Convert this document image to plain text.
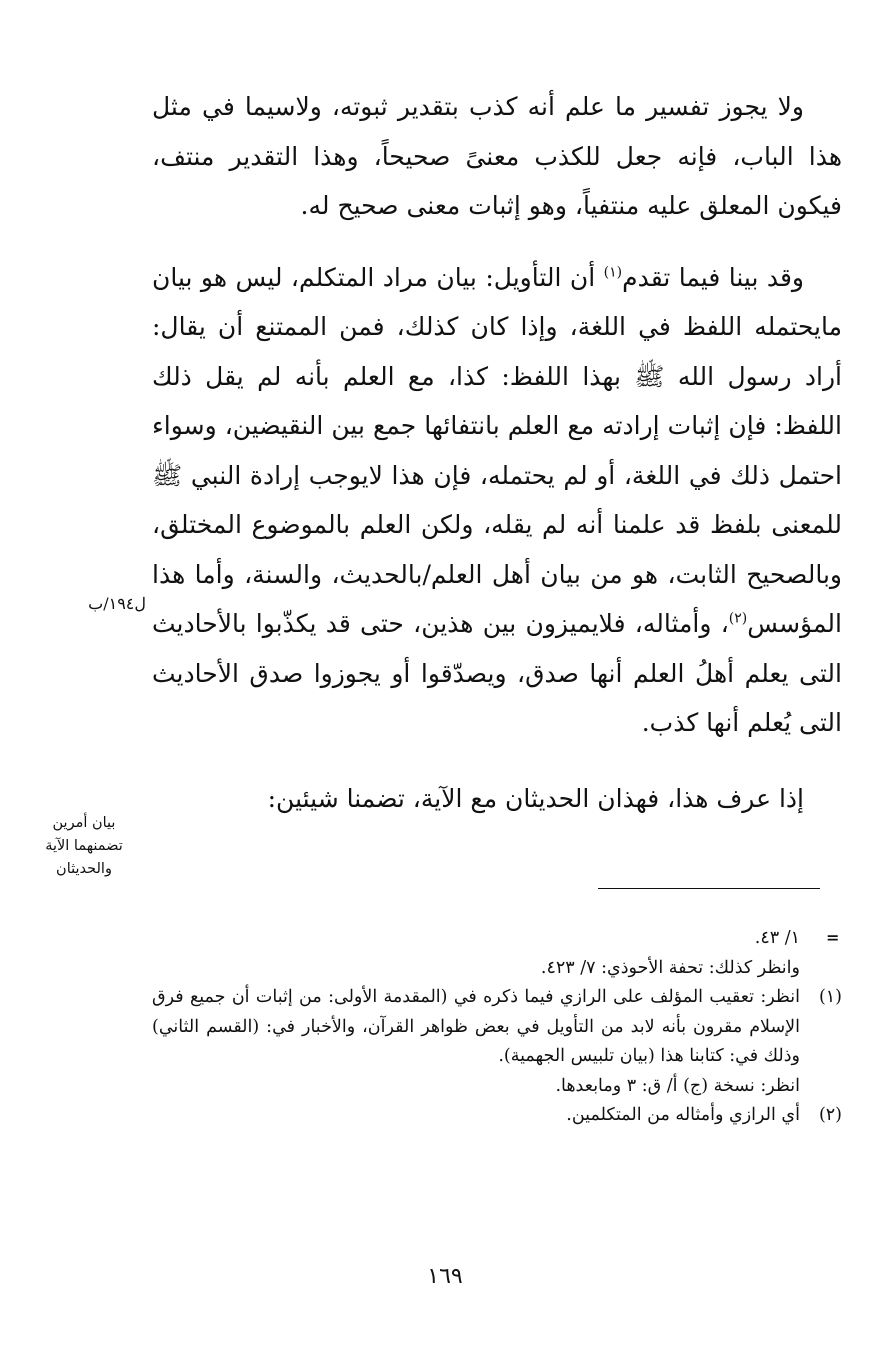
ولا يجوز تفسير ما علم أنه كذب بتقدير ثبوته، ولاسيما في مثل هذا الباب، فإنه جعل للكذب معنىً صحيحاً، وهذا التقدير منتف، فيكون المعلق عليه منتفياً، وهو إثبات معنى صحيح له.

وقد بينا فيما تقدم$^{(١)}$ أن التأويل: بيان مراد المتكلم، ليس هو بيان مايحتمله اللفظ في اللغة، وإذا كان كذلك، فمن الممتنع أن يقال: أراد رسول الله ﷺ بهذا اللفظ: كذا، مع العلم بأنه لم يقل ذلك اللفظ: فإن إثبات إرادته مع العلم بانتفائها جمع بين النقيضين، وسواء احتمل ذلك في اللغة، أو لم يحتمله، فإن هذا لايوجب إرادة النبي ﷺ للمعنى بلفظ قد علمنا أنه لم يقله، ولكن العلم بالموضوع المختلق، وبالصحيح الثابت، هو من بيان أهل العلم/بالحديث، والسنة، وأما هذا المؤسس$^{(٢)}$، وأمثاله، فلايميزون بين هذين، حتى قد يكذّبوا بالأحاديث التى يعلم أهلُ العلم أنها صدق، ويصدّقوا أو يجوزوا صدق الأحاديث التى يُعلم أنها كذب.

إذا عرف هذا، فهذان الحديثان مع الآية، تضمنا شيئين:

ل١٩٤/ب
بيان أمرين
تضمنهما الآية
والحديثان
=
١/ ٤٣.
وانظر كذلك: تحفة الأحوذي: ٧/ ٤٢٣.
(١)
انظر: تعقيب المؤلف على الرازي فيما ذكره في (المقدمة الأولى: من إثبات أن جميع فرق الإسلام مقرون بأنه لابد من التأويل في بعض ظواهر القرآن، والأخبار في: (القسم الثاني) وذلك في: كتابنا هذا (بيان تلبيس الجهمية).
انظر: نسخة (ج) أ/ ق: ٣ ومابعدها.
(٢)
أي الرازي وأمثاله من المتكلمين.
١٦٩
